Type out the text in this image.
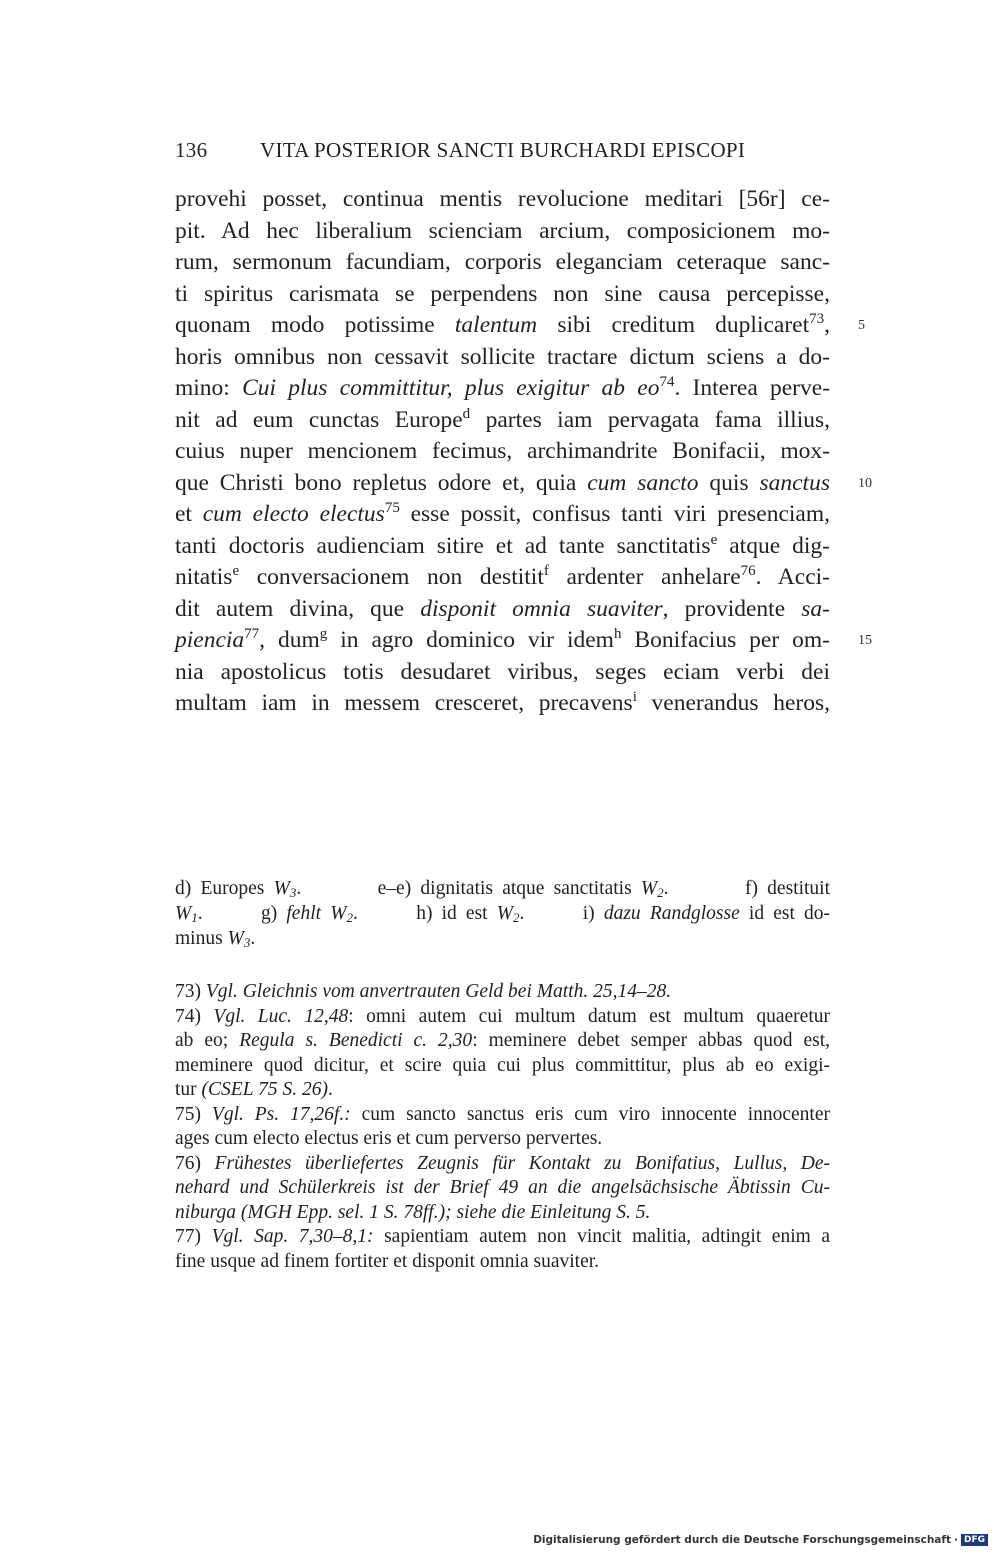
136	VITA POSTERIOR SANCTI BURCHARDI EPISCOPI
provehi posset, continua mentis revolucione meditari [56r] ce-
pit. Ad hec liberalium scienciam arcium, composicionem mo-
rum, sermonum facundiam, corporis eleganciam ceteraque sanc-
ti spiritus carismata se perpendens non sine causa percepisse,
quonam modo potissime talentum sibi creditum duplicaret$^{73}$, 5
horis omnibus non cessavit sollicite tractare dictum sciens a do-
mino: Cui plus committitur, plus exigitur ab $eo^{74}$. Interea perve-
nit ad eum cunctas Europe$^d$ partes iam pervagata fama illius,
cuius nuper mencionem fecimus, archimandrite Bonifacii, mox-
que Christi bono repletus odore et, quia cum sancto quis sanctus 10
et cum electo electus$^{75}$ esse possit, confisus tanti viri presenciam,
tanti doctoris audienciam sitire et ad tante sanctitatis$^e$ atque dig-
nitatis$^e$ conversacionem non destitit$^f$ ardenter anhelare$^{76}$. Acci-
dit autem divina, que disponit omnia suaviter, providente sa-
piencia$^{77}$, dum$^g$ in agro dominico vir idem$^h$ Bonifacius per om- 15
nia apostolicus totis desudaret viribus, seges eciam verbi dei
multam iam in messem cresceret, precavens$^i$ venerandus heros,
d) Europes $W_3$.	e–e) dignitatis atque sanctitatis $W_2$.	f) destituit
$W_1$.	g) fehlt $W_2$.	h) id est $W_2$.	i) dazu Randglosse id est do-
minus $W_3$.
73) Vgl. Gleichnis vom anvertrauten Geld bei Matth. 25,14–28.
74) Vgl. Luc. 12,48: omni autem cui multum datum est multum quaeretur
ab eo; Regula s. Benedicti c. 2,30: meminere debet semper abbas quod est,
meminere quod dicitur, et scire quia cui plus committitur, plus ab eo exigi-
tur (CSEL 75 S. 26).
75) Vgl. Ps. 17,26f.: cum sancto sanctus eris cum viro innocente innocenter
ages cum electo electus eris et cum perverso pervertes.
76) Frühestes überliefertes Zeugnis für Kontakt zu Bonifatius, Lullus, De-
nehard und Schülerkreis ist der Brief 49 an die angelsächsische Äbtissin Cu-
niburga (MGH Epp. sel. 1 S. 78ff.); siehe die Einleitung S. 5.
77) Vgl. Sap. 7,30–8,1: sapientiam autem non vincit malitia, adtingit enim a
fine usque ad finem fortiter et disponit omnia suaviter.
Digitalisierung gefördert durch die Deutsche Forschungsgemeinschaft · DFG
